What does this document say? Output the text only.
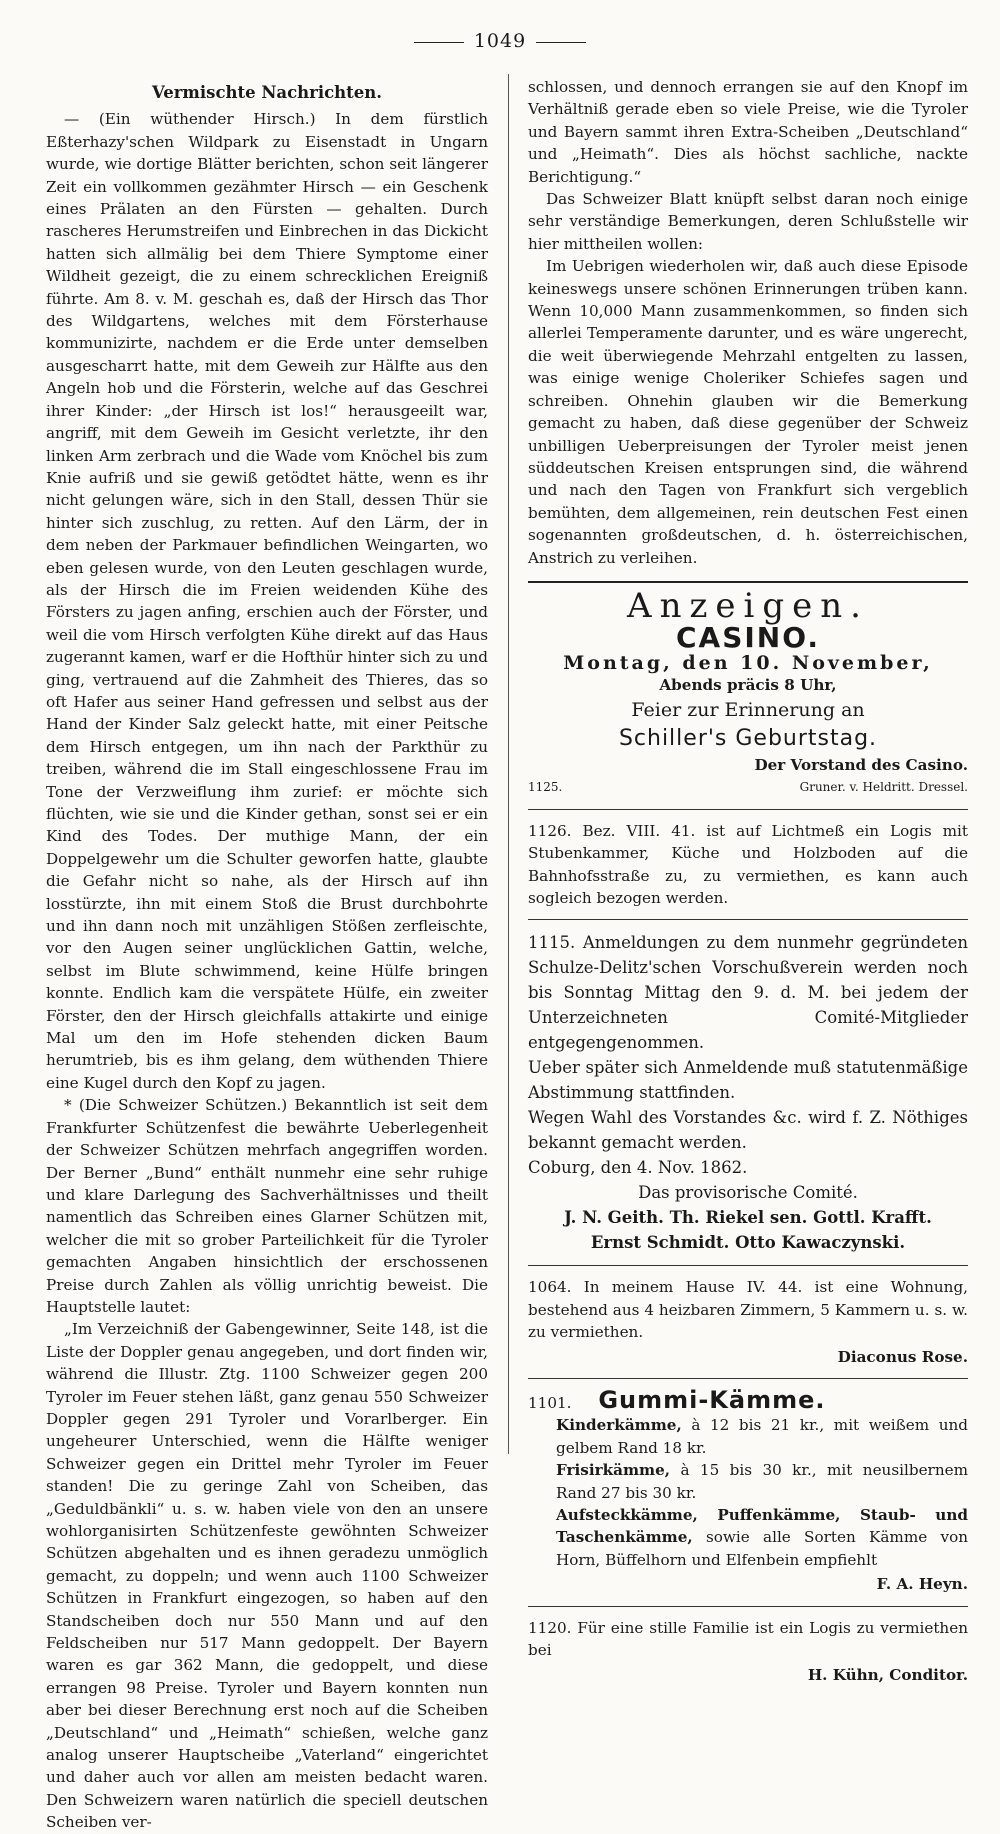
1049
Vermischte Nachrichten.

— (Ein wüthender Hirsch.) In dem fürstlich Eßterhazy'schen Wildpark zu Eisenstadt in Ungarn wurde, wie dortige Blätter berichten, schon seit längerer Zeit ein vollkommen gezähmter Hirsch — ein Geschenk eines Prälaten an den Fürsten — gehalten. Durch rascheres Herumstreifen und Einbrechen in das Dickicht hatten sich allmälig bei dem Thiere Symptome einer Wildheit gezeigt, die zu einem schrecklichen Ereigniß führte. Am 8. v. M. geschah es, daß der Hirsch das Thor des Wildgartens, welches mit dem Försterhause kommunizirte, nachdem er die Erde unter demselben ausgescharrt hatte, mit dem Geweih zur Hälfte aus den Angeln hob und die Försterin, welche auf das Geschrei ihrer Kinder: „der Hirsch ist los!“ herausgeeilt war, angriff, mit dem Geweih im Gesicht verletzte, ihr den linken Arm zerbrach und die Wade vom Knöchel bis zum Knie aufriß und sie gewiß getödtet hätte, wenn es ihr nicht gelungen wäre, sich in den Stall, dessen Thür sie hinter sich zuschlug, zu retten. Auf den Lärm, der in dem neben der Parkmauer befindlichen Weingarten, wo eben gelesen wurde, von den Leuten geschlagen wurde, als der Hirsch die im Freien weidenden Kühe des Försters zu jagen anfing, erschien auch der Förster, und weil die vom Hirsch verfolgten Kühe direkt auf das Haus zugerannt kamen, warf er die Hofthür hinter sich zu und ging, vertrauend auf die Zahmheit des Thieres, das so oft Hafer aus seiner Hand gefressen und selbst aus der Hand der Kinder Salz geleckt hatte, mit einer Peitsche dem Hirsch entgegen, um ihn nach der Parkthür zu treiben, während die im Stall eingeschlossene Frau im Tone der Verzweiflung ihm zurief: er möchte sich flüchten, wie sie und die Kinder gethan, sonst sei er ein Kind des Todes. Der muthige Mann, der ein Doppelgewehr um die Schulter geworfen hatte, glaubte die Gefahr nicht so nahe, als der Hirsch auf ihn losstürzte, ihn mit einem Stoß die Brust durchbohrte und ihn dann noch mit unzähligen Stößen zerfleischte, vor den Augen seiner unglücklichen Gattin, welche, selbst im Blute schwimmend, keine Hülfe bringen konnte. Endlich kam die verspätete Hülfe, ein zweiter Förster, den der Hirsch gleichfalls attakirte und einige Mal um den im Hofe stehenden dicken Baum herumtrieb, bis es ihm gelang, dem wüthenden Thiere eine Kugel durch den Kopf zu jagen.

* (Die Schweizer Schützen.) Bekanntlich ist seit dem Frankfurter Schützenfest die bewährte Ueberlegenheit der Schweizer Schützen mehrfach angegriffen worden. Der Berner „Bund“ enthält nunmehr eine sehr ruhige und klare Darlegung des Sachverhältnisses und theilt namentlich das Schreiben eines Glarner Schützen mit, welcher die mit so grober Parteilichkeit für die Tyroler gemachten Angaben hinsichtlich der erschossenen Preise durch Zahlen als völlig unrichtig beweist. Die Hauptstelle lautet:

„Im Verzeichniß der Gabengewinner, Seite 148, ist die Liste der Doppler genau angegeben, und dort finden wir, während die Illustr. Ztg. 1100 Schweizer gegen 200 Tyroler im Feuer stehen läßt, ganz genau 550 Schweizer Doppler gegen 291 Tyroler und Vorarlberger. Ein ungeheurer Unterschied, wenn die Hälfte weniger Schweizer gegen ein Drittel mehr Tyroler im Feuer standen! Die zu geringe Zahl von Scheiben, das „Geduldbänkli“ u. s. w. haben viele von den an unsere wohlorganisirten Schützenfeste gewöhnten Schweizer Schützen abgehalten und es ihnen geradezu unmöglich gemacht, zu doppeln; und wenn auch 1100 Schweizer Schützen in Frankfurt eingezogen, so haben auf den Standscheiben doch nur 550 Mann und auf den Feldscheiben nur 517 Mann gedoppelt. Der Bayern waren es gar 362 Mann, die gedoppelt, und diese errangen 98 Preise. Tyroler und Bayern konnten nun aber bei dieser Berechnung erst noch auf die Scheiben „Deutschland“ und „Heimath“ schießen, welche ganz analog unserer Hauptscheibe „Vaterland“ eingerichtet und daher auch vor allen am meisten bedacht waren. Den Schweizern waren natürlich die speciell deutschen Scheiben ver-

schlossen, und dennoch errangen sie auf den Knopf im Verhältniß gerade eben so viele Preise, wie die Tyroler und Bayern sammt ihren Extra-Scheiben „Deutschland“ und „Heimath“. Dies als höchst sachliche, nackte Berichtigung.“

Das Schweizer Blatt knüpft selbst daran noch einige sehr verständige Bemerkungen, deren Schlußstelle wir hier mittheilen wollen:

Im Uebrigen wiederholen wir, daß auch diese Episode keineswegs unsere schönen Erinnerungen trüben kann. Wenn 10,000 Mann zusammenkommen, so finden sich allerlei Temperamente darunter, und es wäre ungerecht, die weit überwiegende Mehrzahl entgelten zu lassen, was einige wenige Choleriker Schiefes sagen und schreiben. Ohnehin glauben wir die Bemerkung gemacht zu haben, daß diese gegenüber der Schweiz unbilligen Ueberpreisungen der Tyroler meist jenen süddeutschen Kreisen entsprungen sind, die während und nach den Tagen von Frankfurt sich vergeblich bemühten, dem allgemeinen, rein deutschen Fest einen sogenannten großdeutschen, d. h. österreichischen, Anstrich zu verleihen.

Anzeigen.
CASINO.
Montag, den 10. November,
Abends präcis 8 Uhr,
Feier zur Erinnerung an
Schiller's Geburtstag.
Der Vorstand des Casino.
1125.	Gruner. v. Heldritt. Dressel.

1126. Bez. VIII. 41. ist auf Lichtmeß ein Logis mit Stubenkammer, Küche und Holzboden auf die Bahnhofsstraße zu, zu vermiethen, es kann auch sogleich bezogen werden.

1115. Anmeldungen zu dem nunmehr gegründeten Schulze-Delitz'schen Vorschußverein werden noch bis Sonntag Mittag den 9. d. M. bei jedem der Unterzeichneten Comité-Mitglieder entgegengenommen.

Ueber später sich Anmeldende muß statutenmäßige Abstimmung stattfinden.

Wegen Wahl des Vorstandes &c. wird f. Z. Nöthiges bekannt gemacht werden.

Coburg, den 4. Nov. 1862.

Das provisorische Comité.
J. N. Geith. Th. Riekel sen. Gottl. Krafft.
Ernst Schmidt. Otto Kawaczynski.

1064. In meinem Hause IV. 44. ist eine Wohnung, bestehend aus 4 heizbaren Zimmern, 5 Kammern u. s. w. zu vermiethen.

Diaconus Rose.
1101. Gummi-Kämme.

Kinderkämme, à 12 bis 21 kr., mit weißem und gelbem Rand 18 kr.

Frisirkämme, à 15 bis 30 kr., mit neusilbernem Rand 27 bis 30 kr.

Aufsteckkämme, Puffenkämme, Staub- und Taschenkämme, sowie alle Sorten Kämme von Horn, Büffelhorn und Elfenbein empfiehlt

F. A. Heyn.

1120. Für eine stille Familie ist ein Logis zu vermiethen bei

H. Kühn, Conditor.
